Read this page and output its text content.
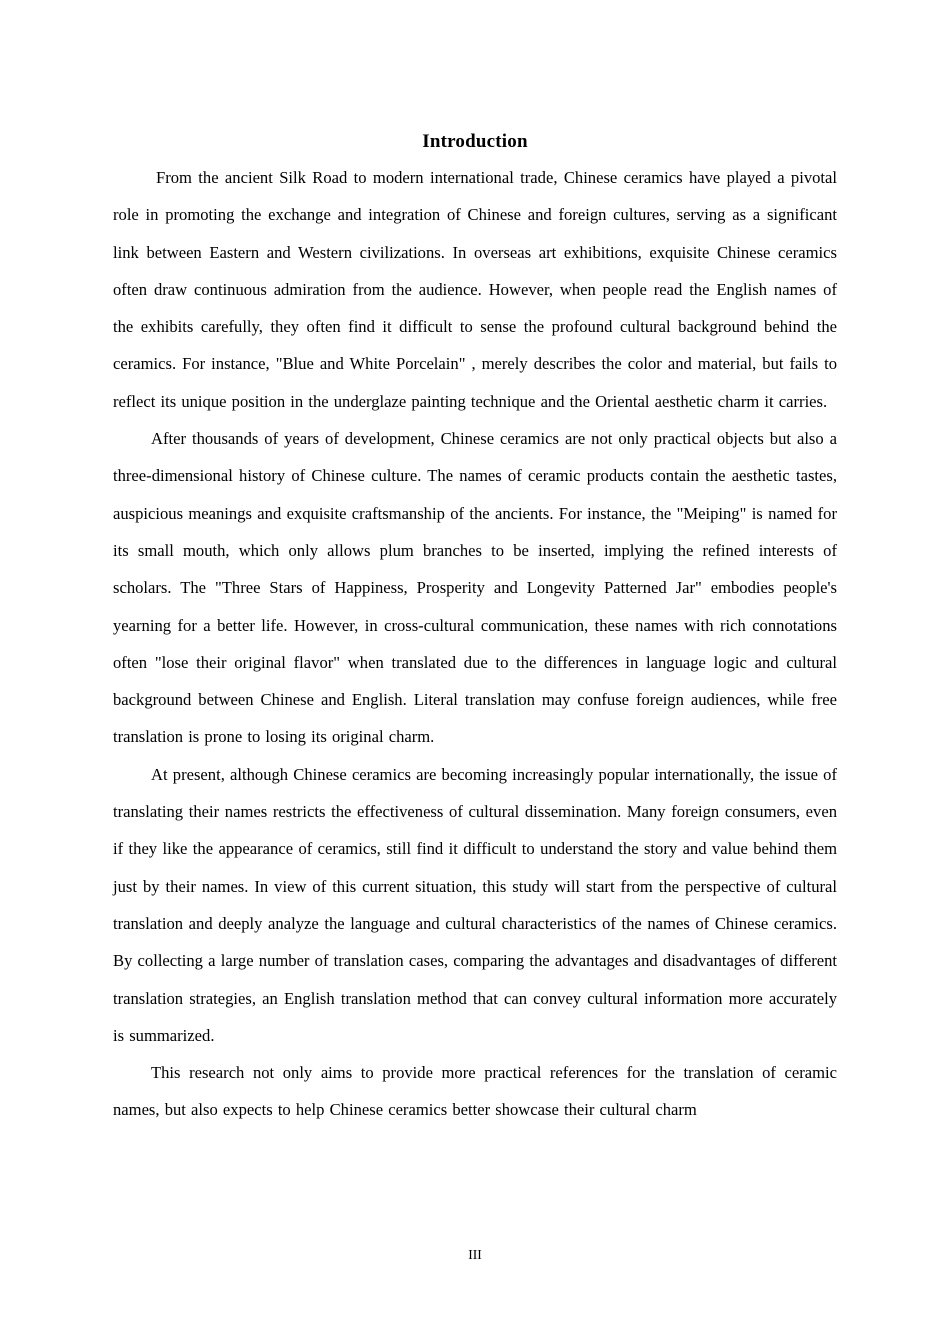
Introduction

From the ancient Silk Road to modern international trade, Chinese ceramics have played a pivotal role in promoting the exchange and integration of Chinese and foreign cultures, serving as a significant link between Eastern and Western civilizations. In overseas art exhibitions, exquisite Chinese ceramics often draw continuous admiration from the audience. However, when people read the English names of the exhibits carefully, they often find it difficult to sense the profound cultural background behind the ceramics. For instance, "Blue and White Porcelain" , merely describes the color and material, but fails to reflect its unique position in the underglaze painting technique and the Oriental aesthetic charm it carries.

After thousands of years of development, Chinese ceramics are not only practical objects but also a three-dimensional history of Chinese culture. The names of ceramic products contain the aesthetic tastes, auspicious meanings and exquisite craftsmanship of the ancients. For instance, the "Meiping" is named for its small mouth, which only allows plum branches to be inserted, implying the refined interests of scholars. The "Three Stars of Happiness, Prosperity and Longevity Patterned Jar" embodies people's yearning for a better life. However, in cross-cultural communication, these names with rich connotations often "lose their original flavor" when translated due to the differences in language logic and cultural background between Chinese and English. Literal translation may confuse foreign audiences, while free translation is prone to losing its original charm.

At present, although Chinese ceramics are becoming increasingly popular internationally, the issue of translating their names restricts the effectiveness of cultural dissemination. Many foreign consumers, even if they like the appearance of ceramics, still find it difficult to understand the story and value behind them just by their names. In view of this current situation, this study will start from the perspective of cultural translation and deeply analyze the language and cultural characteristics of the names of Chinese ceramics. By collecting a large number of translation cases, comparing the advantages and disadvantages of different translation strategies, an English translation method that can convey cultural information more accurately is summarized.

This research not only aims to provide more practical references for the translation of ceramic names, but also expects to help Chinese ceramics better showcase their cultural charm

III
